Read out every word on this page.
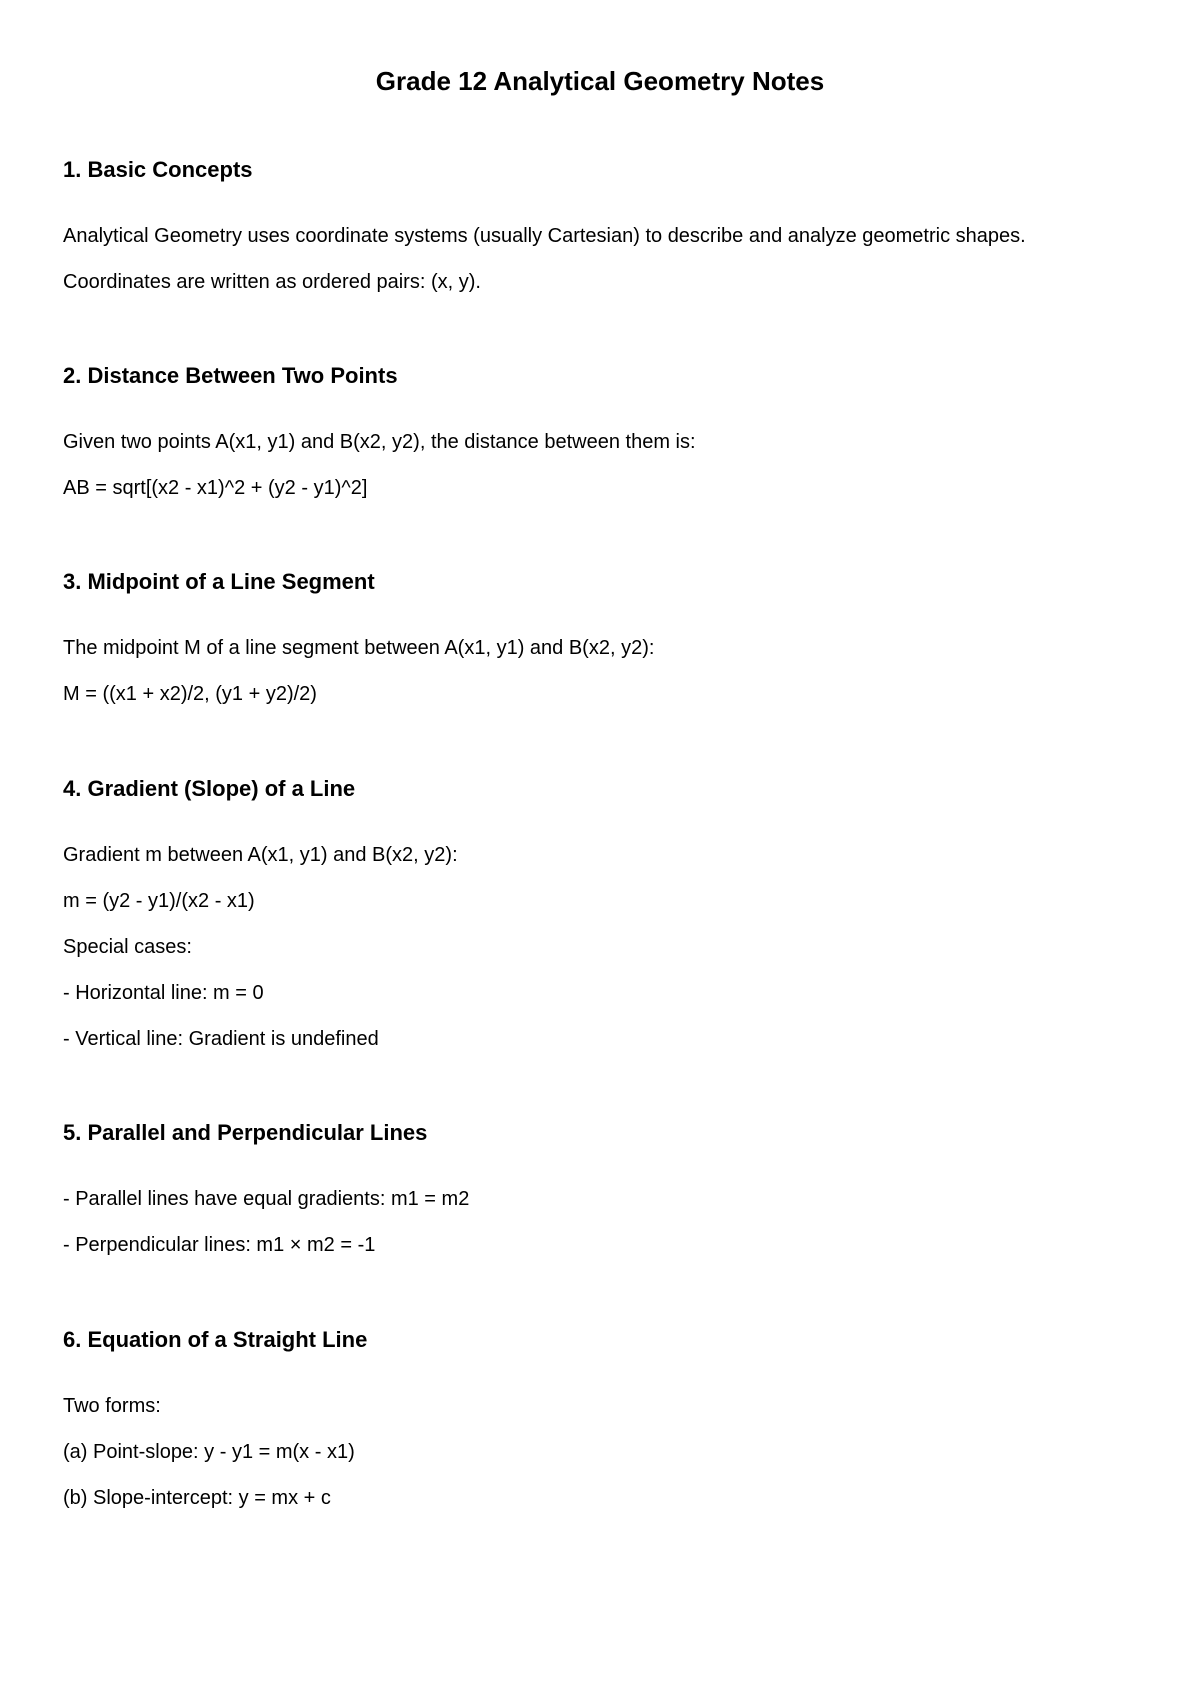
Grade 12 Analytical Geometry Notes
1. Basic Concepts
Analytical Geometry uses coordinate systems (usually Cartesian) to describe and analyze geometric shapes.
Coordinates are written as ordered pairs: (x, y).
2. Distance Between Two Points
Given two points A(x1, y1) and B(x2, y2), the distance between them is:
AB = sqrt[(x2 - x1)^2 + (y2 - y1)^2]
3. Midpoint of a Line Segment
The midpoint M of a line segment between A(x1, y1) and B(x2, y2):
M = ((x1 + x2)/2, (y1 + y2)/2)
4. Gradient (Slope) of a Line
Gradient m between A(x1, y1) and B(x2, y2):
m = (y2 - y1)/(x2 - x1)
Special cases:
- Horizontal line: m = 0
- Vertical line: Gradient is undefined
5. Parallel and Perpendicular Lines
- Parallel lines have equal gradients: m1 = m2
- Perpendicular lines: m1 × m2 = -1
6. Equation of a Straight Line
Two forms:
(a) Point-slope: y - y1 = m(x - x1)
(b) Slope-intercept: y = mx + c
